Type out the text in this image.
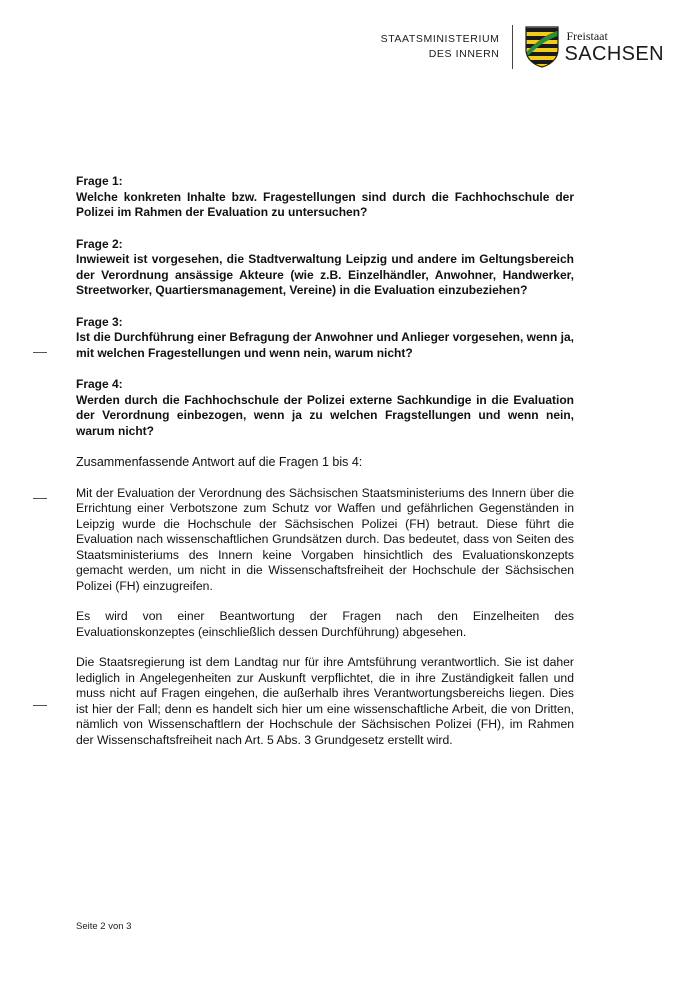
STAATSMINISTERIUM
DES INNERN
Freistaat
SACHSEN
Frage 1:
Welche konkreten Inhalte bzw. Fragestellungen sind durch die Fachhochschule der Polizei im Rahmen der Evaluation zu untersuchen?
Frage 2:
Inwieweit ist vorgesehen, die Stadtverwaltung Leipzig und andere im Geltungsbereich der Verordnung ansässige Akteure (wie z.B. Einzelhändler, Anwohner, Handwerker, Streetworker, Quartiersmanagement, Vereine) in die Evaluation einzubeziehen?
Frage 3:
Ist die Durchführung einer Befragung der Anwohner und Anlieger vorgesehen, wenn ja, mit welchen Fragestellungen und wenn nein, warum nicht?
Frage 4:
Werden durch die Fachhochschule der Polizei externe Sachkundige in die Evaluation der Verordnung einbezogen, wenn ja zu welchen Fragstellungen und wenn nein, warum nicht?

Zusammenfassende Antwort auf die Fragen 1 bis 4:

Mit der Evaluation der Verordnung des Sächsischen Staatsministeriums des Innern über die Errichtung einer Verbotszone zum Schutz vor Waffen und gefährlichen Gegenständen in Leipzig wurde die Hochschule der Sächsischen Polizei (FH) betraut. Diese führt die Evaluation nach wissenschaftlichen Grundsätzen durch. Das bedeutet, dass von Seiten des Staatsministeriums des Innern keine Vorgaben hinsichtlich des Evaluationskonzepts gemacht werden, um nicht in die Wissenschaftsfreiheit der Hochschule der Sächsischen Polizei (FH) einzugreifen.

Es wird von einer Beantwortung der Fragen nach den Einzelheiten des Evaluationskonzeptes (einschließlich dessen Durchführung) abgesehen.

Die Staatsregierung ist dem Landtag nur für ihre Amtsführung verantwortlich. Sie ist daher lediglich in Angelegenheiten zur Auskunft verpflichtet, die in ihre Zuständigkeit fallen und muss nicht auf Fragen eingehen, die außerhalb ihres Verantwortungsbereichs liegen. Dies ist hier der Fall; denn es handelt sich hier um eine wissenschaftliche Arbeit, die von Dritten, nämlich von Wissenschaftlern der Hochschule der Sächsischen Polizei (FH), im Rahmen der Wissenschaftsfreiheit nach Art. 5 Abs. 3 Grundgesetz erstellt wird.

Seite 2 von 3
